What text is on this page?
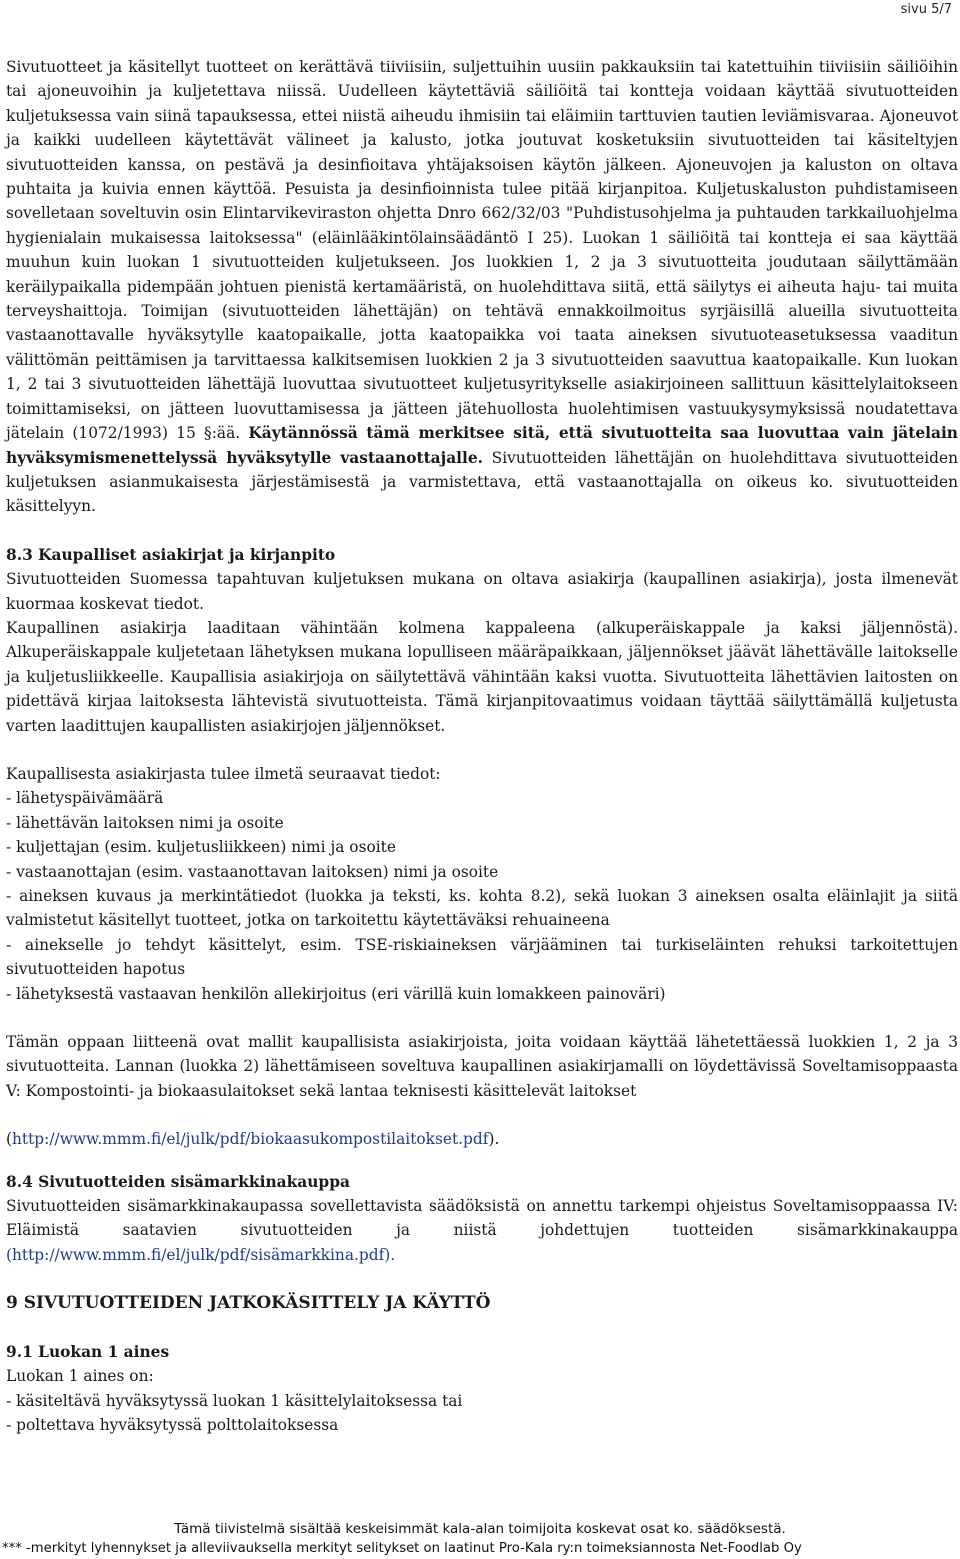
sivu 5/7

Sivutuotteet ja käsitellyt tuotteet on kerättävä tiiviisiin, suljettuihin uusiin pakkauksiin tai katettuihin tiiviisiin säiliöihin tai ajoneuvoihin ja kuljetettava niissä. Uudelleen käytettäviä säiliöitä tai kontteja voidaan käyttää sivutuotteiden kuljetuksessa vain siinä tapauksessa, ettei niistä aiheudu ihmisiin tai eläimiin tarttuvien tautien leviämisvaraa. Ajoneuvot ja kaikki uudelleen käytettävät välineet ja kalusto, jotka joutuvat kosketuksiin sivutuotteiden tai käsiteltyjen sivutuotteiden kanssa, on pestävä ja desinfioitava yhtäjaksoisen käytön jälkeen. Ajoneuvojen ja kaluston on oltava puhtaita ja kuivia ennen käyttöä. Pesuista ja desinfioinnista tulee pitää kirjanpitoa. Kuljetuskaluston puhdistamiseen sovelletaan soveltuvin osin Elintarvikeviraston ohjetta Dnro 662/32/03 "Puhdistusohjelma ja puhtauden tarkkailuohjelma hygienialain mukaisessa laitoksessa" (eläinlääkintölainsäädäntö I 25). Luokan 1 säiliöitä tai kontteja ei saa käyttää muuhun kuin luokan 1 sivutuotteiden kuljetukseen. Jos luokkien 1, 2 ja 3 sivutuotteita joudutaan säilyttämään keräilypaikalla pidempään johtuen pienistä kertamääristä, on huolehdittava siitä, että säilytys ei aiheuta haju- tai muita terveyshaittoja. Toimijan (sivutuotteiden lähettäjän) on tehtävä ennakkoilmoitus syrjäisillä alueilla sivutuotteita vastaanottavalle hyväksytylle kaatopaikalle, jotta kaatopaikka voi taata aineksen sivutuoteasetuksessa vaaditun välittömän peittämisen ja tarvittaessa kalkitsemisen luokkien 2 ja 3 sivutuotteiden saavuttua kaatopaikalle. Kun luokan 1, 2 tai 3 sivutuotteiden lähettäjä luovuttaa sivutuotteet kuljetusyritykselle asiakirjoineen sallittuun käsittelylaitokseen toimittamiseksi, on jätteen luovuttamisessa ja jätteen jätehuollosta huolehtimisen vastuukysymyksissä noudatettava jätelain (1072/1993) 15 §:ää. Käytännössä tämä merkitsee sitä, että sivutuotteita saa luovuttaa vain jätelain hyväksymismenettelyssä hyväksytylle vastaanottajalle. Sivutuotteiden lähettäjän on huolehdittava sivutuotteiden kuljetuksen asianmukaisesta järjestämisestä ja varmistettava, että vastaanottajalla on oikeus ko. sivutuotteiden käsittelyyn.

8.3 Kaupalliset asiakirjat ja kirjanpito

Sivutuotteiden Suomessa tapahtuvan kuljetuksen mukana on oltava asiakirja (kaupallinen asiakirja), josta ilmenevät kuormaa koskevat tiedot.

Kaupallinen asiakirja laaditaan vähintään kolmena kappaleena (alkuperäiskappale ja kaksi jäljennöstä). Alkuperäiskappale kuljetetaan lähetyksen mukana lopulliseen määräpaikkaan, jäljennökset jäävät lähettävälle laitokselle ja kuljetusliikkeelle. Kaupallisia asiakirjoja on säilytettävä vähintään kaksi vuotta. Sivutuotteita lähettävien laitosten on pidettävä kirjaa laitoksesta lähtevistä sivutuotteista. Tämä kirjanpitovaatimus voidaan täyttää säilyttämällä kuljetusta varten laadittujen kaupallisten asiakirjojen jäljennökset.

Kaupallisesta asiakirjasta tulee ilmetä seuraavat tiedot:

- lähetyspäivämäärä
- lähettävän laitoksen nimi ja osoite
- kuljettajan (esim. kuljetusliikkeen) nimi ja osoite
- vastaanottajan (esim. vastaanottavan laitoksen) nimi ja osoite
- aineksen kuvaus ja merkintätiedot (luokka ja teksti, ks. kohta 8.2), sekä luokan 3 aineksen osalta eläinlajit ja siitä valmistetut käsitellyt tuotteet, jotka on tarkoitettu käytettäväksi rehuaineena
- ainekselle jo tehdyt käsittelyt, esim. TSE-riskiaineksen värjääminen tai turkiseläinten rehuksi tarkoitettujen sivutuotteiden hapotus
- lähetyksestä vastaavan henkilön allekirjoitus (eri värillä kuin lomakkeen painoväri)

Tämän oppaan liitteenä ovat mallit kaupallisista asiakirjoista, joita voidaan käyttää lähetettäessä luokkien 1, 2 ja 3 sivutuotteita. Lannan (luokka 2) lähettämiseen soveltuva kaupallinen asiakirjamalli on löydettävissä Soveltamisoppaasta V: Kompostointi- ja biokaasulaitokset sekä lantaa teknisesti käsittelevät laitokset

(http://www.mmm.fi/el/julk/pdf/biokaasukompostilaitokset.pdf).

8.4 Sivutuotteiden sisämarkkinakauppa

Sivutuotteiden sisämarkkinakaupassa sovellettavista säädöksistä on annettu tarkempi ohjeistus Soveltamisoppaassa IV: Eläimistä saatavien sivutuotteiden ja niistä johdettujen tuotteiden sisämarkkinakauppa (http://www.mmm.fi/el/julk/pdf/sisämarkkina.pdf).

9 SIVUTUOTTEIDEN JATKOKÄSITTELY JA KÄYTTÖ
9.1 Luokan 1 aines

Luokan 1 aines on:

- käsiteltävä hyväksytyssä luokan 1 käsittelylaitoksessa tai
- poltettava hyväksytyssä polttolaitoksessa
Tämä tiivistelmä sisältää keskeisimmät kala-alan toimijoita koskevat osat ko. säädöksestä.
*** -merkityt lyhennykset ja alleviivauksella merkityt selitykset on laatinut Pro-Kala ry:n toimeksiannosta Net-Foodlab Oy
